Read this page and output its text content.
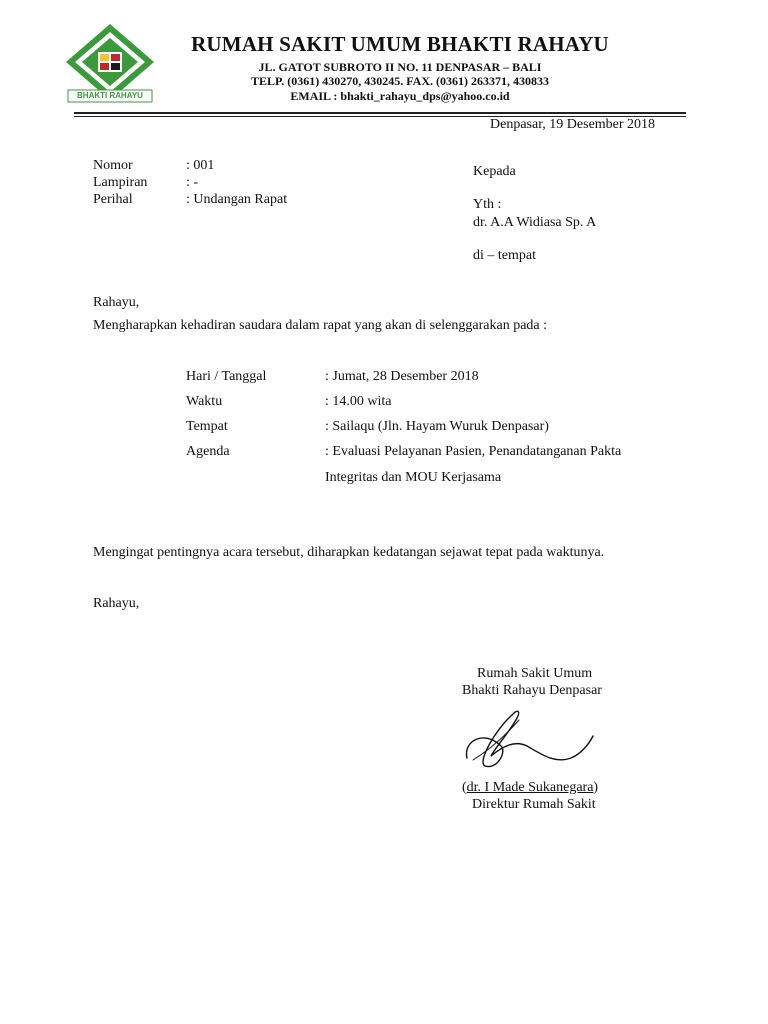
BHAKTI RAHAYU
RUMAH SAKIT UMUM BHAKTI RAHAYU
JL. GATOT SUBROTO II NO. 11 DENPASAR – BALI
TELP. (0361) 430270, 430245. FAX. (0361) 263371, 430833
EMAIL : bhakti_rahayu_dps@yahoo.co.id
Denpasar, 19 Desember 2018
Nomor	: 001
Lampiran	: -
Perihal	: Undangan Rapat
Kepada
Yth :
dr. A.A Widiasa Sp. A
di – tempat
Rahayu,
Mengharapkan kehadiran saudara dalam rapat yang akan di selenggarakan pada :
Hari / Tanggal	: Jumat, 28 Desember 2018
Waktu	: 14.00 wita
Tempat	: Sailaqu (Jln. Hayam Wuruk Denpasar)
Agenda	: Evaluasi Pelayanan Pasien, Penandatanganan Pakta
Integritas dan MOU Kerjasama
Mengingat pentingnya acara tersebut, diharapkan kedatangan sejawat tepat pada waktunya.
Rahayu,
Rumah Sakit Umum
Bhakti Rahayu Denpasar
(dr. I Made Sukanegara)
Direktur Rumah Sakit
